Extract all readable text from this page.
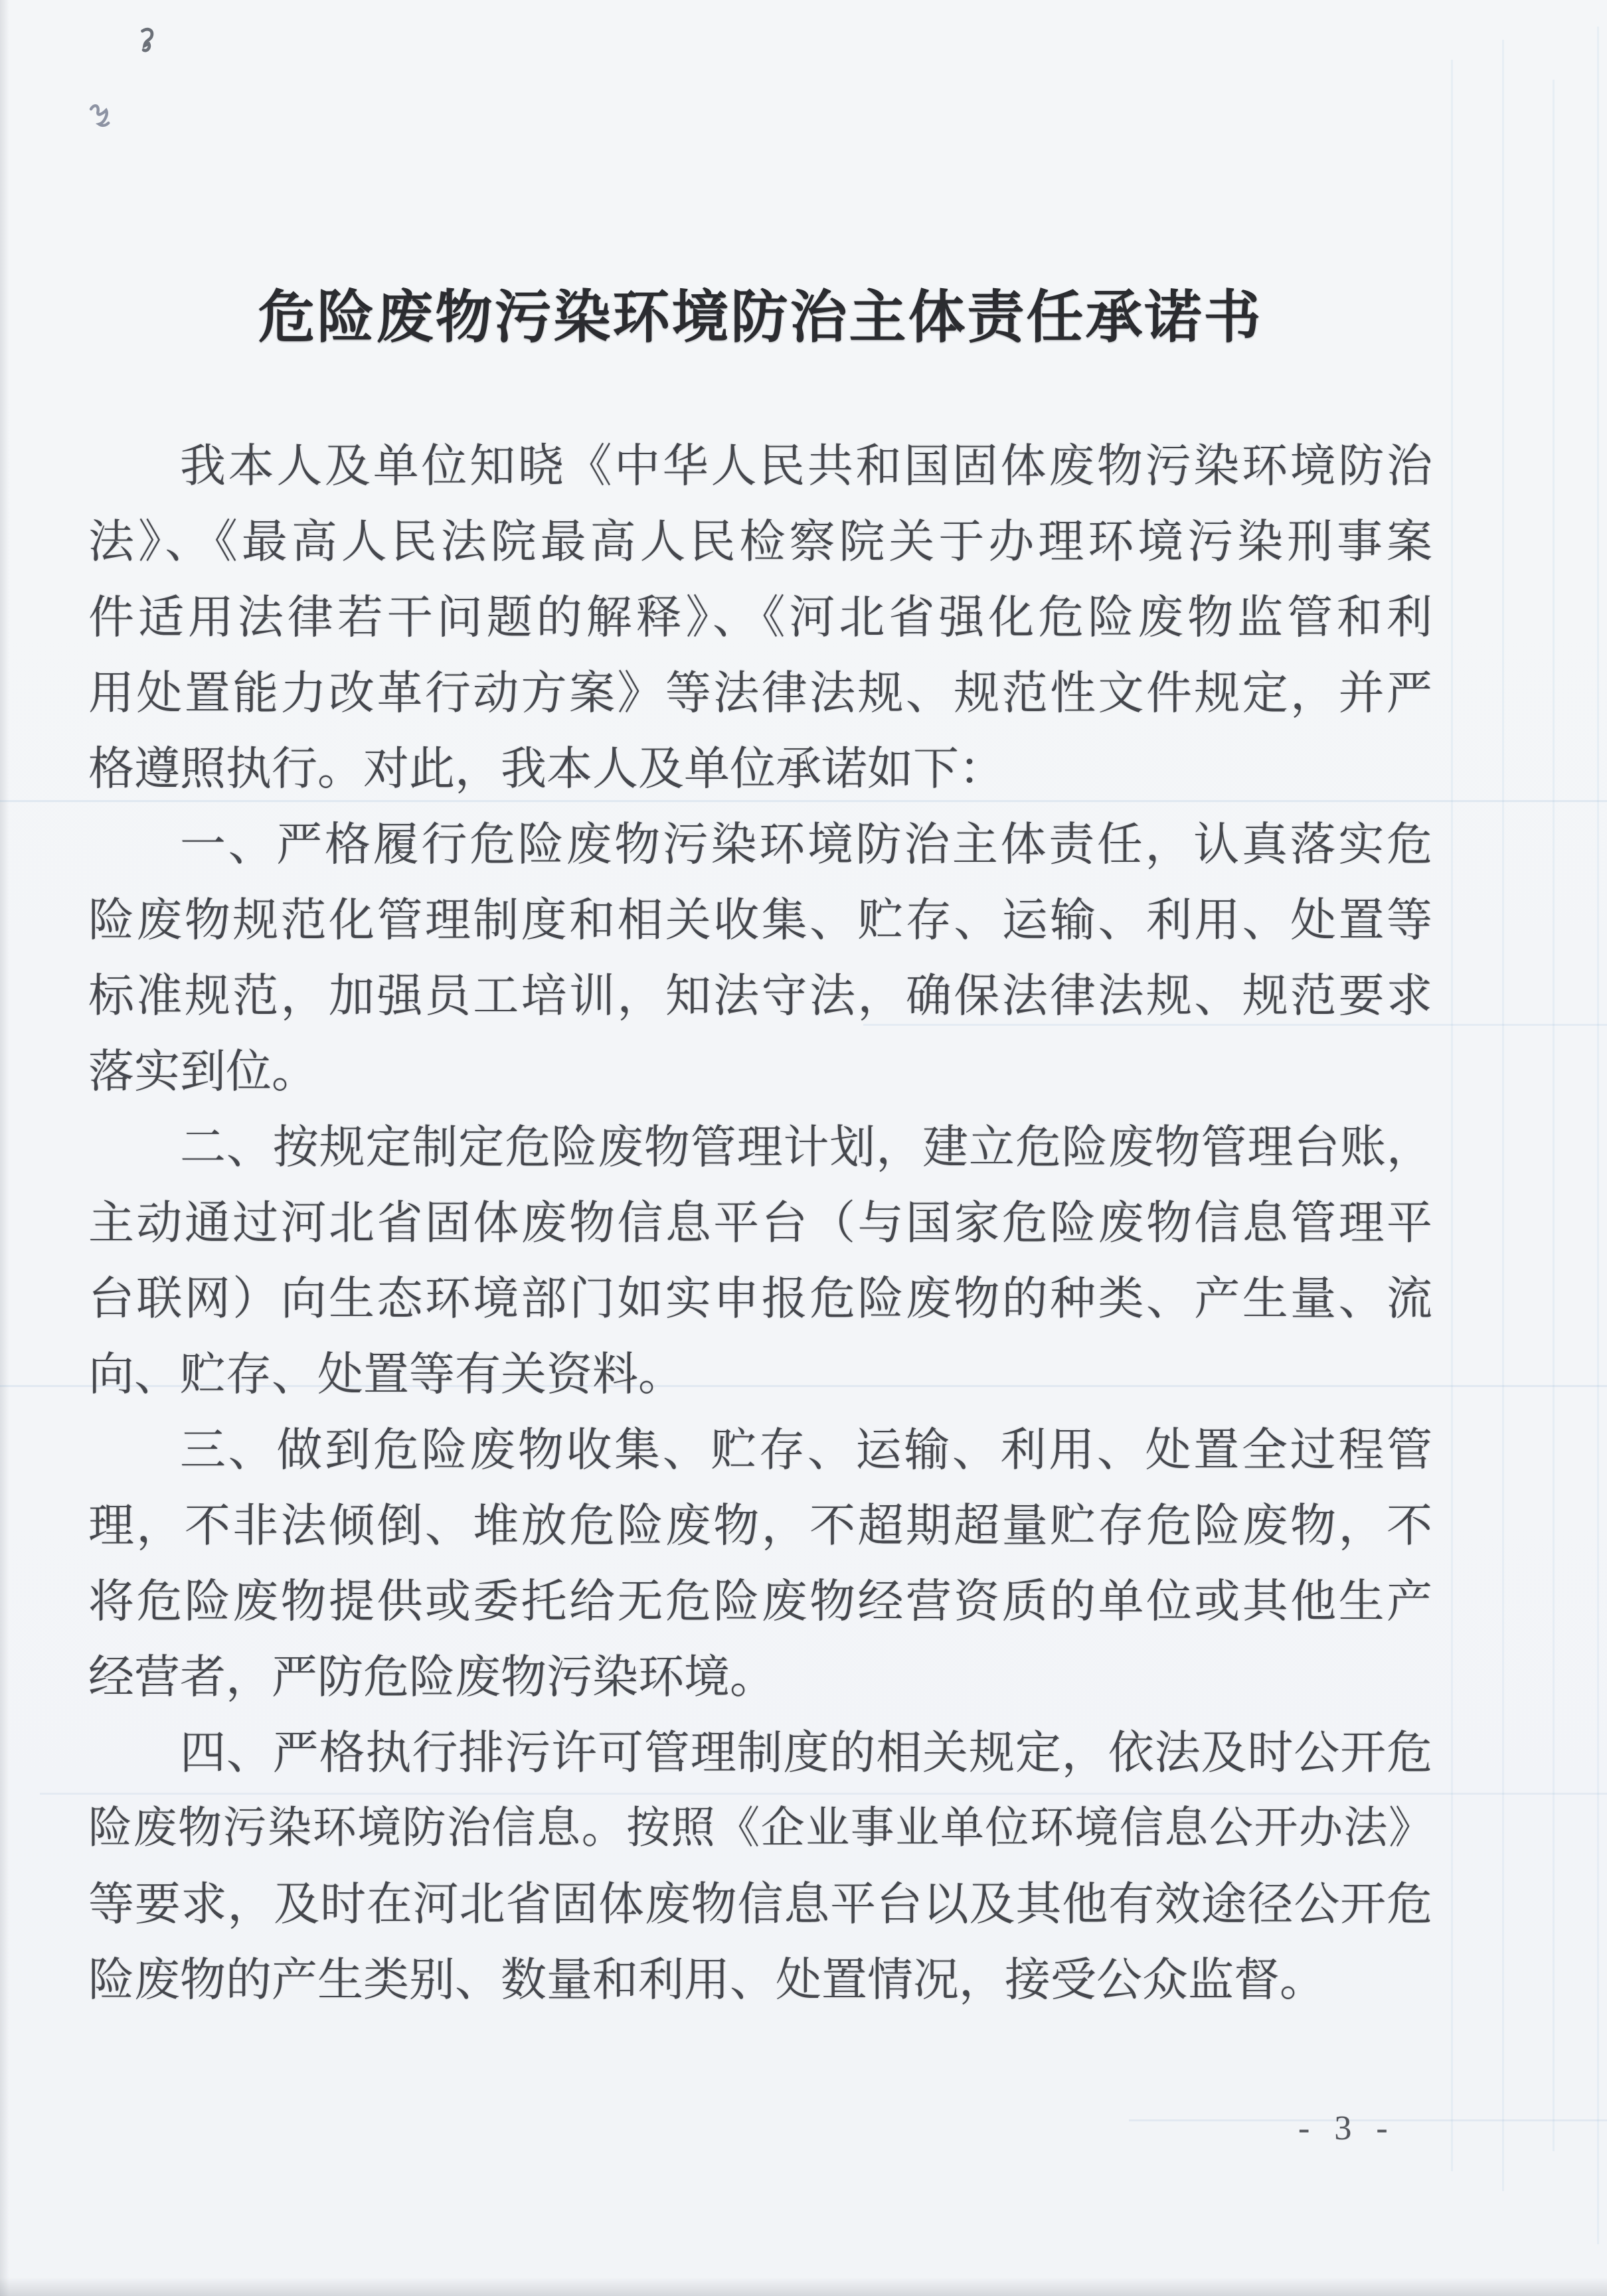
危险废物污染环境防治主体责任承诺书
我本人及单位知晓《中华人民共和国固体废物污染环境防治
法》、《最高人民法院最高人民检察院关于办理环境污染刑事案
件适用法律若干问题的解释》、《河北省强化危险废物监管和利
用处置能力改革行动方案》等法律法规、规范性文件规定，并严
格遵照执行。对此，我本人及单位承诺如下：
一、严格履行危险废物污染环境防治主体责任，认真落实危
险废物规范化管理制度和相关收集、贮存、运输、利用、处置等
标准规范，加强员工培训，知法守法，确保法律法规、规范要求
落实到位。
二、按规定制定危险废物管理计划，建立危险废物管理台账，
主动通过河北省固体废物信息平台（与国家危险废物信息管理平
台联网）向生态环境部门如实申报危险废物的种类、产生量、流
向、贮存、处置等有关资料。
三、做到危险废物收集、贮存、运输、利用、处置全过程管
理，不非法倾倒、堆放危险废物，不超期超量贮存危险废物，不
将危险废物提供或委托给无危险废物经营资质的单位或其他生产
经营者，严防危险废物污染环境。
四、严格执行排污许可管理制度的相关规定，依法及时公开危
险废物污染环境防治信息。按照《企业事业单位环境信息公开办法》
等要求，及时在河北省固体废物信息平台以及其他有效途径公开危
险废物的产生类别、数量和利用、处置情况，接受公众监督。
- 3 -
